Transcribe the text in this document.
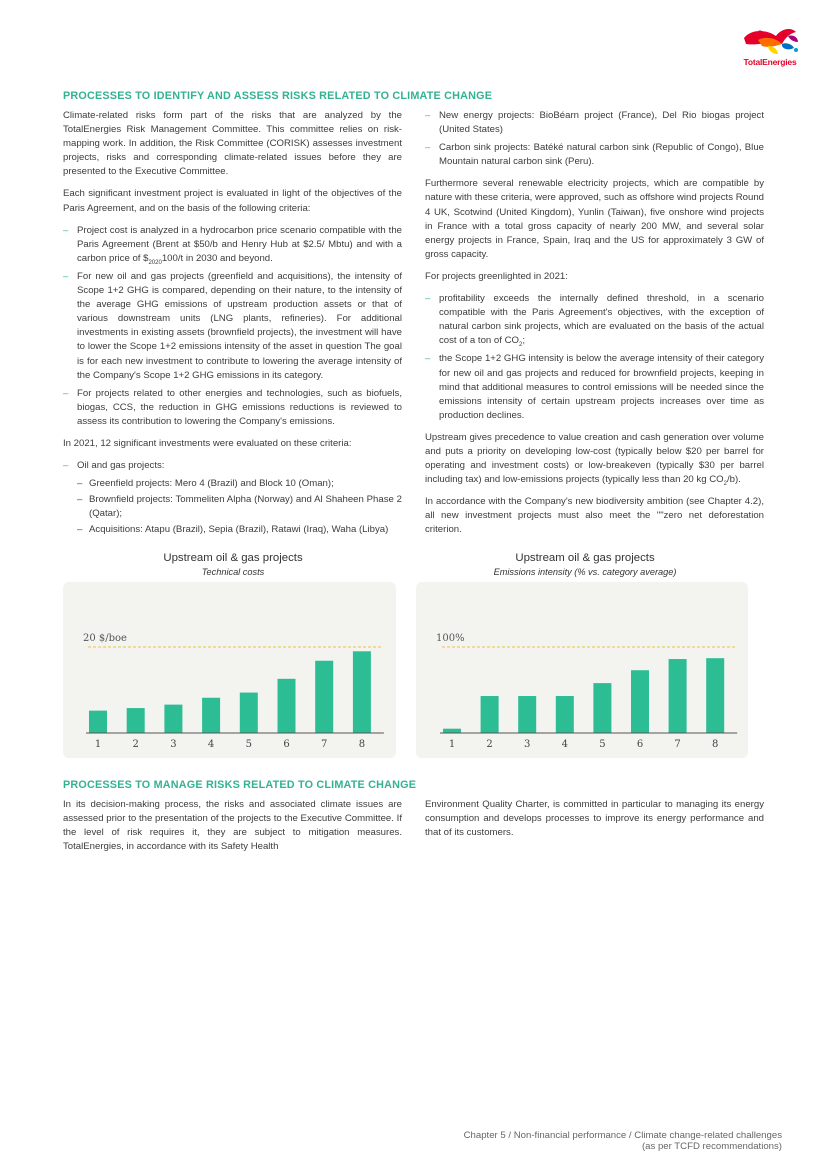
TotalEnergies
PROCESSES TO IDENTIFY AND ASSESS RISKS RELATED TO CLIMATE CHANGE

Climate-related risks form part of the risks that are analyzed by the TotalEnergies Risk Management Committee. This committee relies on risk-mapping work. In addition, the Risk Committee (CORISK) assesses investment projects, risks and corresponding climate-related issues before they are presented to the Executive Committee.

Each significant investment project is evaluated in light of the objectives of the Paris Agreement, and on the basis of the following criteria:

– Project cost is analyzed in a hydrocarbon price scenario compatible with the Paris Agreement (Brent at $50/b and Henry Hub at $2.5/ Mbtu) and with a carbon price of $\$_{2020}100/t$ in 2030 and beyond.
– For new oil and gas projects (greenfield and acquisitions), the intensity of Scope 1+2 GHG is compared, depending on their nature, to the intensity of the average GHG emissions of upstream production assets or that of various downstream units (LNG plants, refineries). For additional investments in existing assets (brownfield projects), the investment will have to lower the Scope 1+2 emissions intensity of the asset in question The goal is for each new investment to contribute to lowering the average intensity of the Company's Scope 1+2 GHG emissions in its category.
– For projects related to other energies and technologies, such as biofuels, biogas, CCS, the reduction in GHG emissions reductions is reviewed to assess its contribution to lowering the Company's emissions.

In 2021, 12 significant investments were evaluated on these criteria:

– Oil and gas projects:
– Greenfield projects: Mero 4 (Brazil) and Block 10 (Oman);
– Brownfield projects: Tommeliten Alpha (Norway) and Al Shaheen Phase 2 (Qatar);
– Acquisitions: Atapu (Brazil), Sepia (Brazil), Ratawi (Iraq), Waha (Libya)
– New energy projects: BioBéarn project (France), Del Rio biogas project (United States)
– Carbon sink projects: Batéké natural carbon sink (Republic of Congo), Blue Mountain natural carbon sink (Peru).

Furthermore several renewable electricity projects, which are compatible by nature with these criteria, were approved, such as offshore wind projects Round 4 UK, Scotwind (United Kingdom), Yunlin (Taiwan), five onshore wind projects in France with a total gross capacity of nearly 200 MW, and several solar energy projects in France, Spain, Iraq and the US for approximately 3 GW of gross capacity.

For projects greenlighted in 2021:

– profitability exceeds the internally defined threshold, in a scenario compatible with the Paris Agreement's objectives, with the exception of natural carbon sink projects, which are evaluated on the basis of the actual cost of a ton of $CO_2$;
– the Scope 1+2 GHG intensity is below the average intensity of their category for new oil and gas projects and reduced for brownfield projects, keeping in mind that additional measures to control emissions will be needed since the emissions intensity of certain upstream projects increases over time as production declines.

Upstream gives precedence to value creation and cash generation over volume and puts a priority on developing low-cost (typically below $20 per barrel for operating and investment costs) or low-breakeven (typically $30 per barrel including tax) and low-emissions projects (typically less than 20 kg $CO_2/b$).

In accordance with the Company's new biodiversity ambition (see Chapter 4.2), all new investment projects must also meet the ""zero net deforestation criterion.

Upstream oil & gas projects
Technical costs
20 $/boe
1	2	3	4	5	6	7	8
Upstream oil & gas projects
Emissions intensity (% vs. category average)
100%
1	2	3	4	5	6	7	8
PROCESSES TO MANAGE RISKS RELATED TO CLIMATE CHANGE

In its decision-making process, the risks and associated climate issues are assessed prior to the presentation of the projects to the Executive Committee. If the level of risk requires it, they are subject to mitigation measures. TotalEnergies, in accordance with its Safety Health

Environment Quality Charter, is committed in particular to managing its energy consumption and develops processes to improve its energy performance and that of its customers.

Chapter 5 / Non-financial performance / Climate change-related challenges
(as per TCFD recommendations)
